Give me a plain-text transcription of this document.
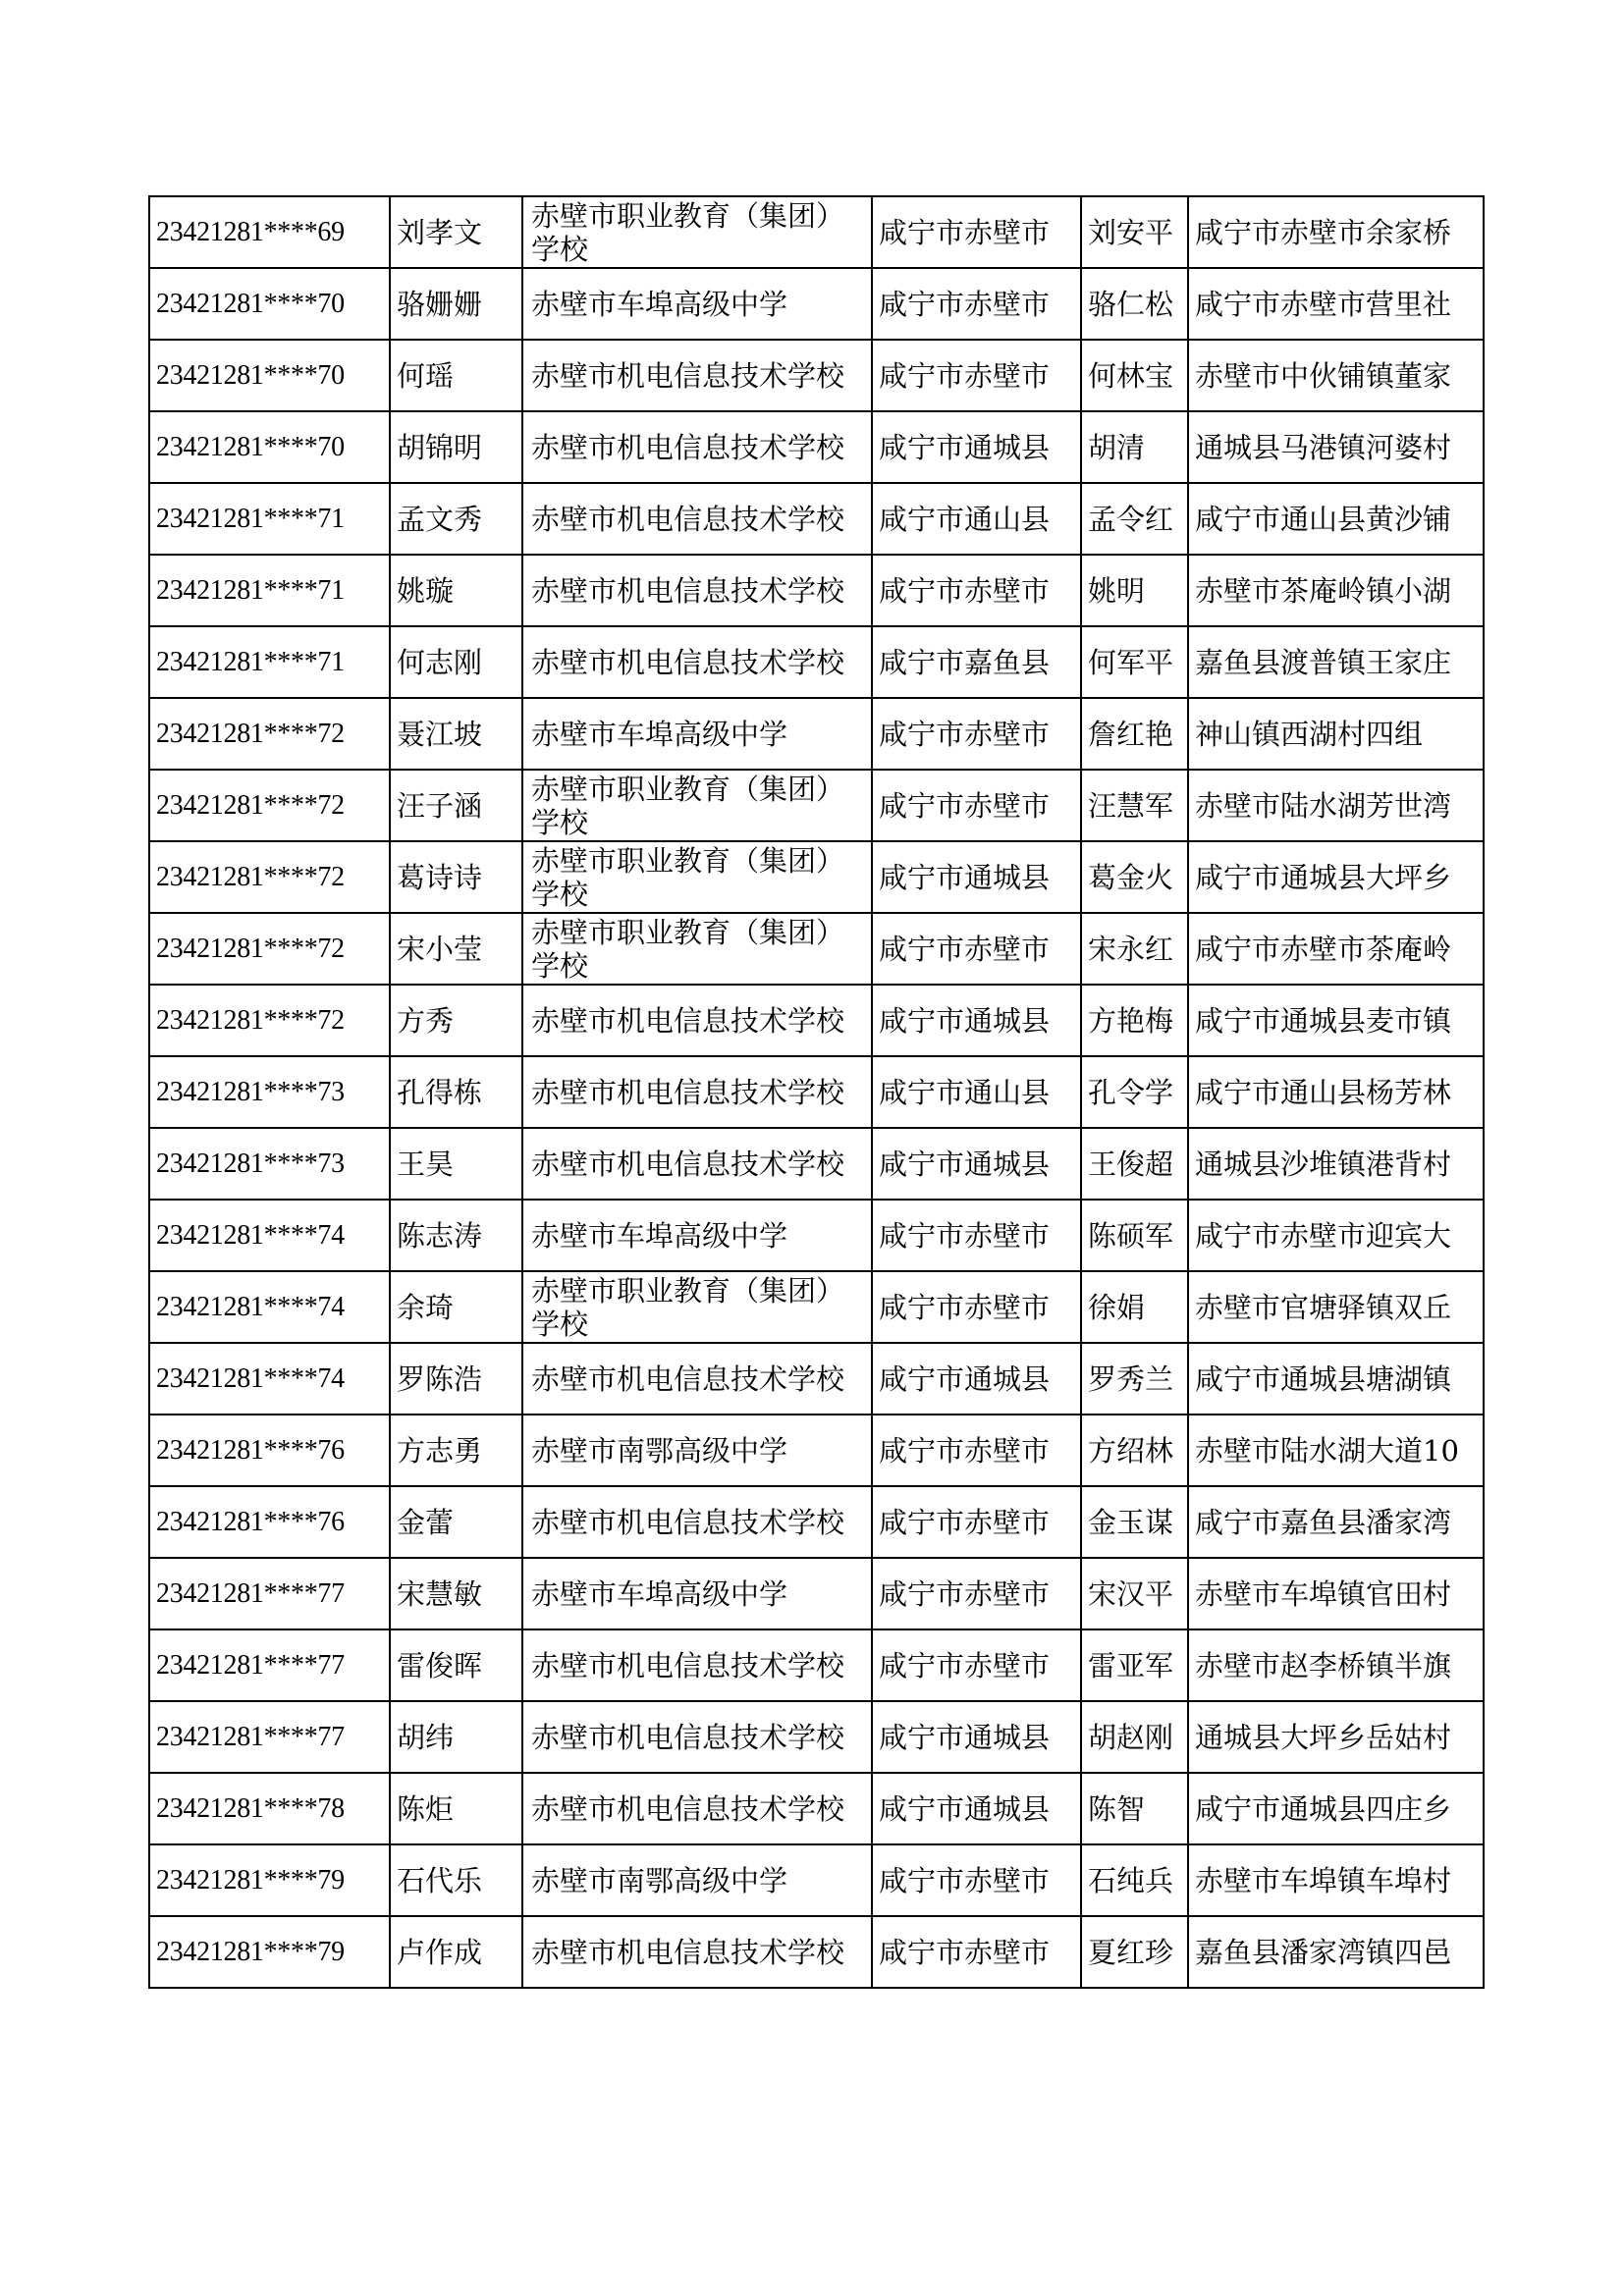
23421281****69	刘孝文	赤壁市职业教育（集团）学校	咸宁市赤壁市	刘安平	咸宁市赤壁市余家桥
23421281****70	骆姗姗	赤壁市车埠高级中学	咸宁市赤壁市	骆仁松	咸宁市赤壁市营里社
23421281****70	何瑶	赤壁市机电信息技术学校	咸宁市赤壁市	何林宝	赤壁市中伙铺镇董家
23421281****70	胡锦明	赤壁市机电信息技术学校	咸宁市通城县	胡清	通城县马港镇河婆村
23421281****71	孟文秀	赤壁市机电信息技术学校	咸宁市通山县	孟令红	咸宁市通山县黄沙铺
23421281****71	姚璇	赤壁市机电信息技术学校	咸宁市赤壁市	姚明	赤壁市茶庵岭镇小湖
23421281****71	何志刚	赤壁市机电信息技术学校	咸宁市嘉鱼县	何军平	嘉鱼县渡普镇王家庄
23421281****72	聂江坡	赤壁市车埠高级中学	咸宁市赤壁市	詹红艳	神山镇西湖村四组
23421281****72	汪子涵	赤壁市职业教育（集团）学校	咸宁市赤壁市	汪慧军	赤壁市陆水湖芳世湾
23421281****72	葛诗诗	赤壁市职业教育（集团）学校	咸宁市通城县	葛金火	咸宁市通城县大坪乡
23421281****72	宋小莹	赤壁市职业教育（集团）学校	咸宁市赤壁市	宋永红	咸宁市赤壁市茶庵岭
23421281****72	方秀	赤壁市机电信息技术学校	咸宁市通城县	方艳梅	咸宁市通城县麦市镇
23421281****73	孔得栋	赤壁市机电信息技术学校	咸宁市通山县	孔令学	咸宁市通山县杨芳林
23421281****73	王昊	赤壁市机电信息技术学校	咸宁市通城县	王俊超	通城县沙堆镇港背村
23421281****74	陈志涛	赤壁市车埠高级中学	咸宁市赤壁市	陈硕军	咸宁市赤壁市迎宾大
23421281****74	余琦	赤壁市职业教育（集团）学校	咸宁市赤壁市	徐娟	赤壁市官塘驿镇双丘
23421281****74	罗陈浩	赤壁市机电信息技术学校	咸宁市通城县	罗秀兰	咸宁市通城县塘湖镇
23421281****76	方志勇	赤壁市南鄂高级中学	咸宁市赤壁市	方绍林	赤壁市陆水湖大道10
23421281****76	金蕾	赤壁市机电信息技术学校	咸宁市赤壁市	金玉谋	咸宁市嘉鱼县潘家湾
23421281****77	宋慧敏	赤壁市车埠高级中学	咸宁市赤壁市	宋汉平	赤壁市车埠镇官田村
23421281****77	雷俊晖	赤壁市机电信息技术学校	咸宁市赤壁市	雷亚军	赤壁市赵李桥镇半旗
23421281****77	胡纬	赤壁市机电信息技术学校	咸宁市通城县	胡赵刚	通城县大坪乡岳姑村
23421281****78	陈炬	赤壁市机电信息技术学校	咸宁市通城县	陈智	咸宁市通城县四庄乡
23421281****79	石代乐	赤壁市南鄂高级中学	咸宁市赤壁市	石纯兵	赤壁市车埠镇车埠村
23421281****79	卢作成	赤壁市机电信息技术学校	咸宁市赤壁市	夏红珍	嘉鱼县潘家湾镇四邑
